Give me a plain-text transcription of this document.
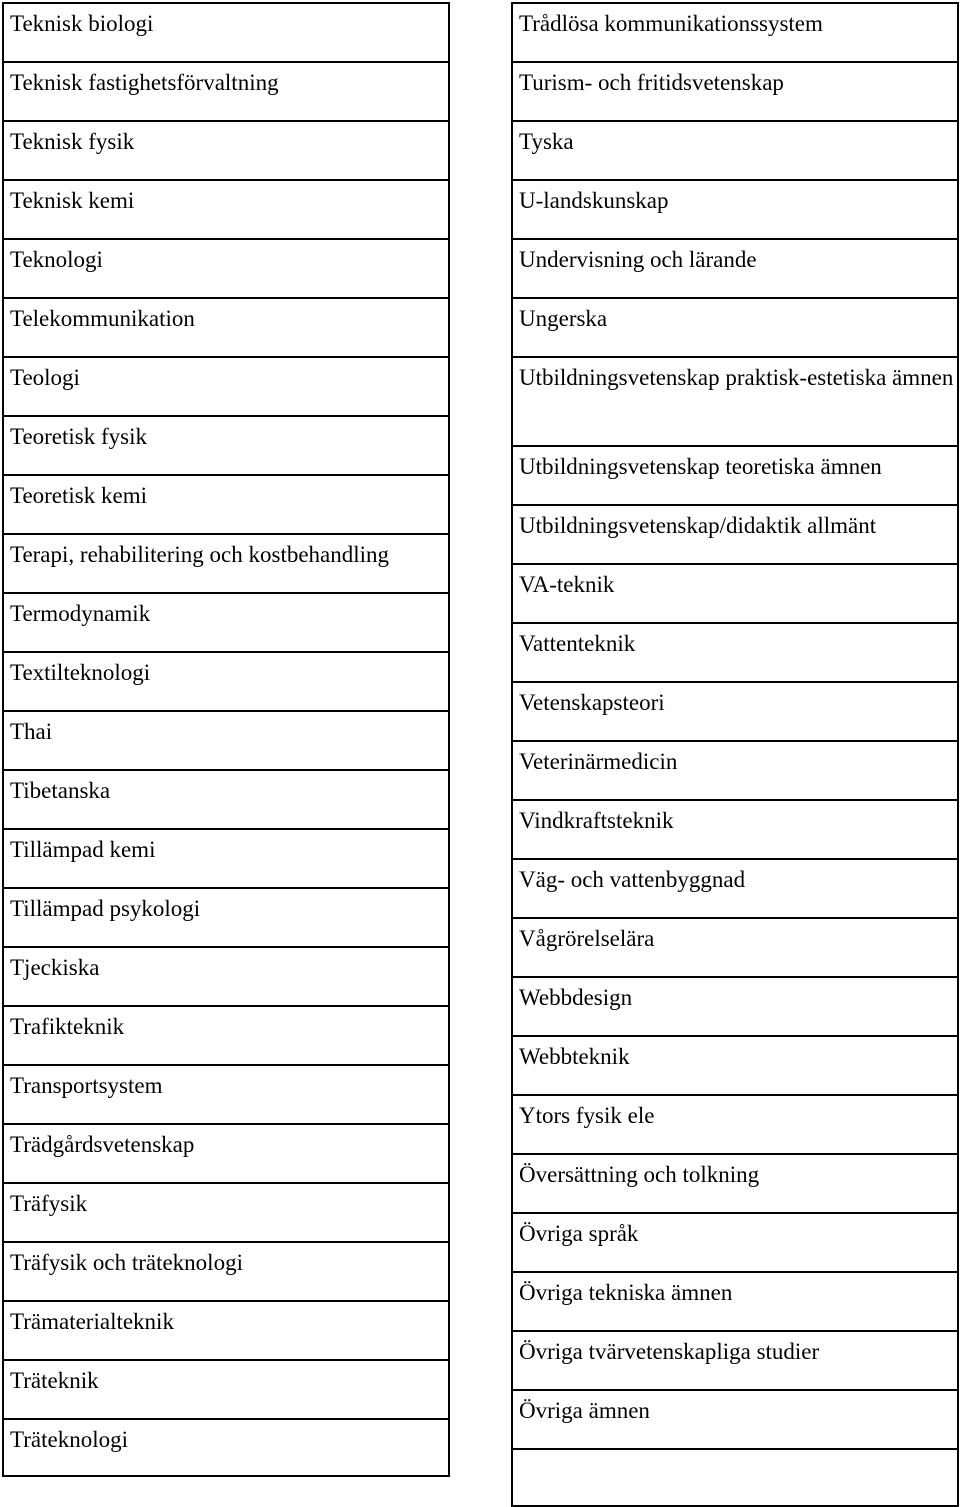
Teknisk biologi
Teknisk fastighetsförvaltning
Teknisk fysik
Teknisk kemi
Teknologi
Telekommunikation
Teologi
Teoretisk fysik
Teoretisk kemi
Terapi, rehabilitering och kostbehandling
Termodynamik
Textilteknologi
Thai
Tibetanska
Tillämpad kemi
Tillämpad psykologi
Tjeckiska
Trafikteknik
Transportsystem
Trädgårdsvetenskap
Träfysik
Träfysik och träteknologi
Trämaterialteknik
Träteknik
Träteknologi
Trådlösa kommunikationssystem
Turism- och fritidsvetenskap
Tyska
U-landskunskap
Undervisning och lärande
Ungerska
Utbildningsvetenskap praktisk-estetiska ämnen
Utbildningsvetenskap teoretiska ämnen
Utbildningsvetenskap/didaktik allmänt
VA-teknik
Vattenteknik
Vetenskapsteori
Veterinärmedicin
Vindkraftsteknik
Väg- och vattenbyggnad
Vågrörelselära
Webbdesign
Webbteknik
Ytors fysik ele
Översättning och tolkning
Övriga språk
Övriga tekniska ämnen
Övriga tvärvetenskapliga studier
Övriga ämnen
